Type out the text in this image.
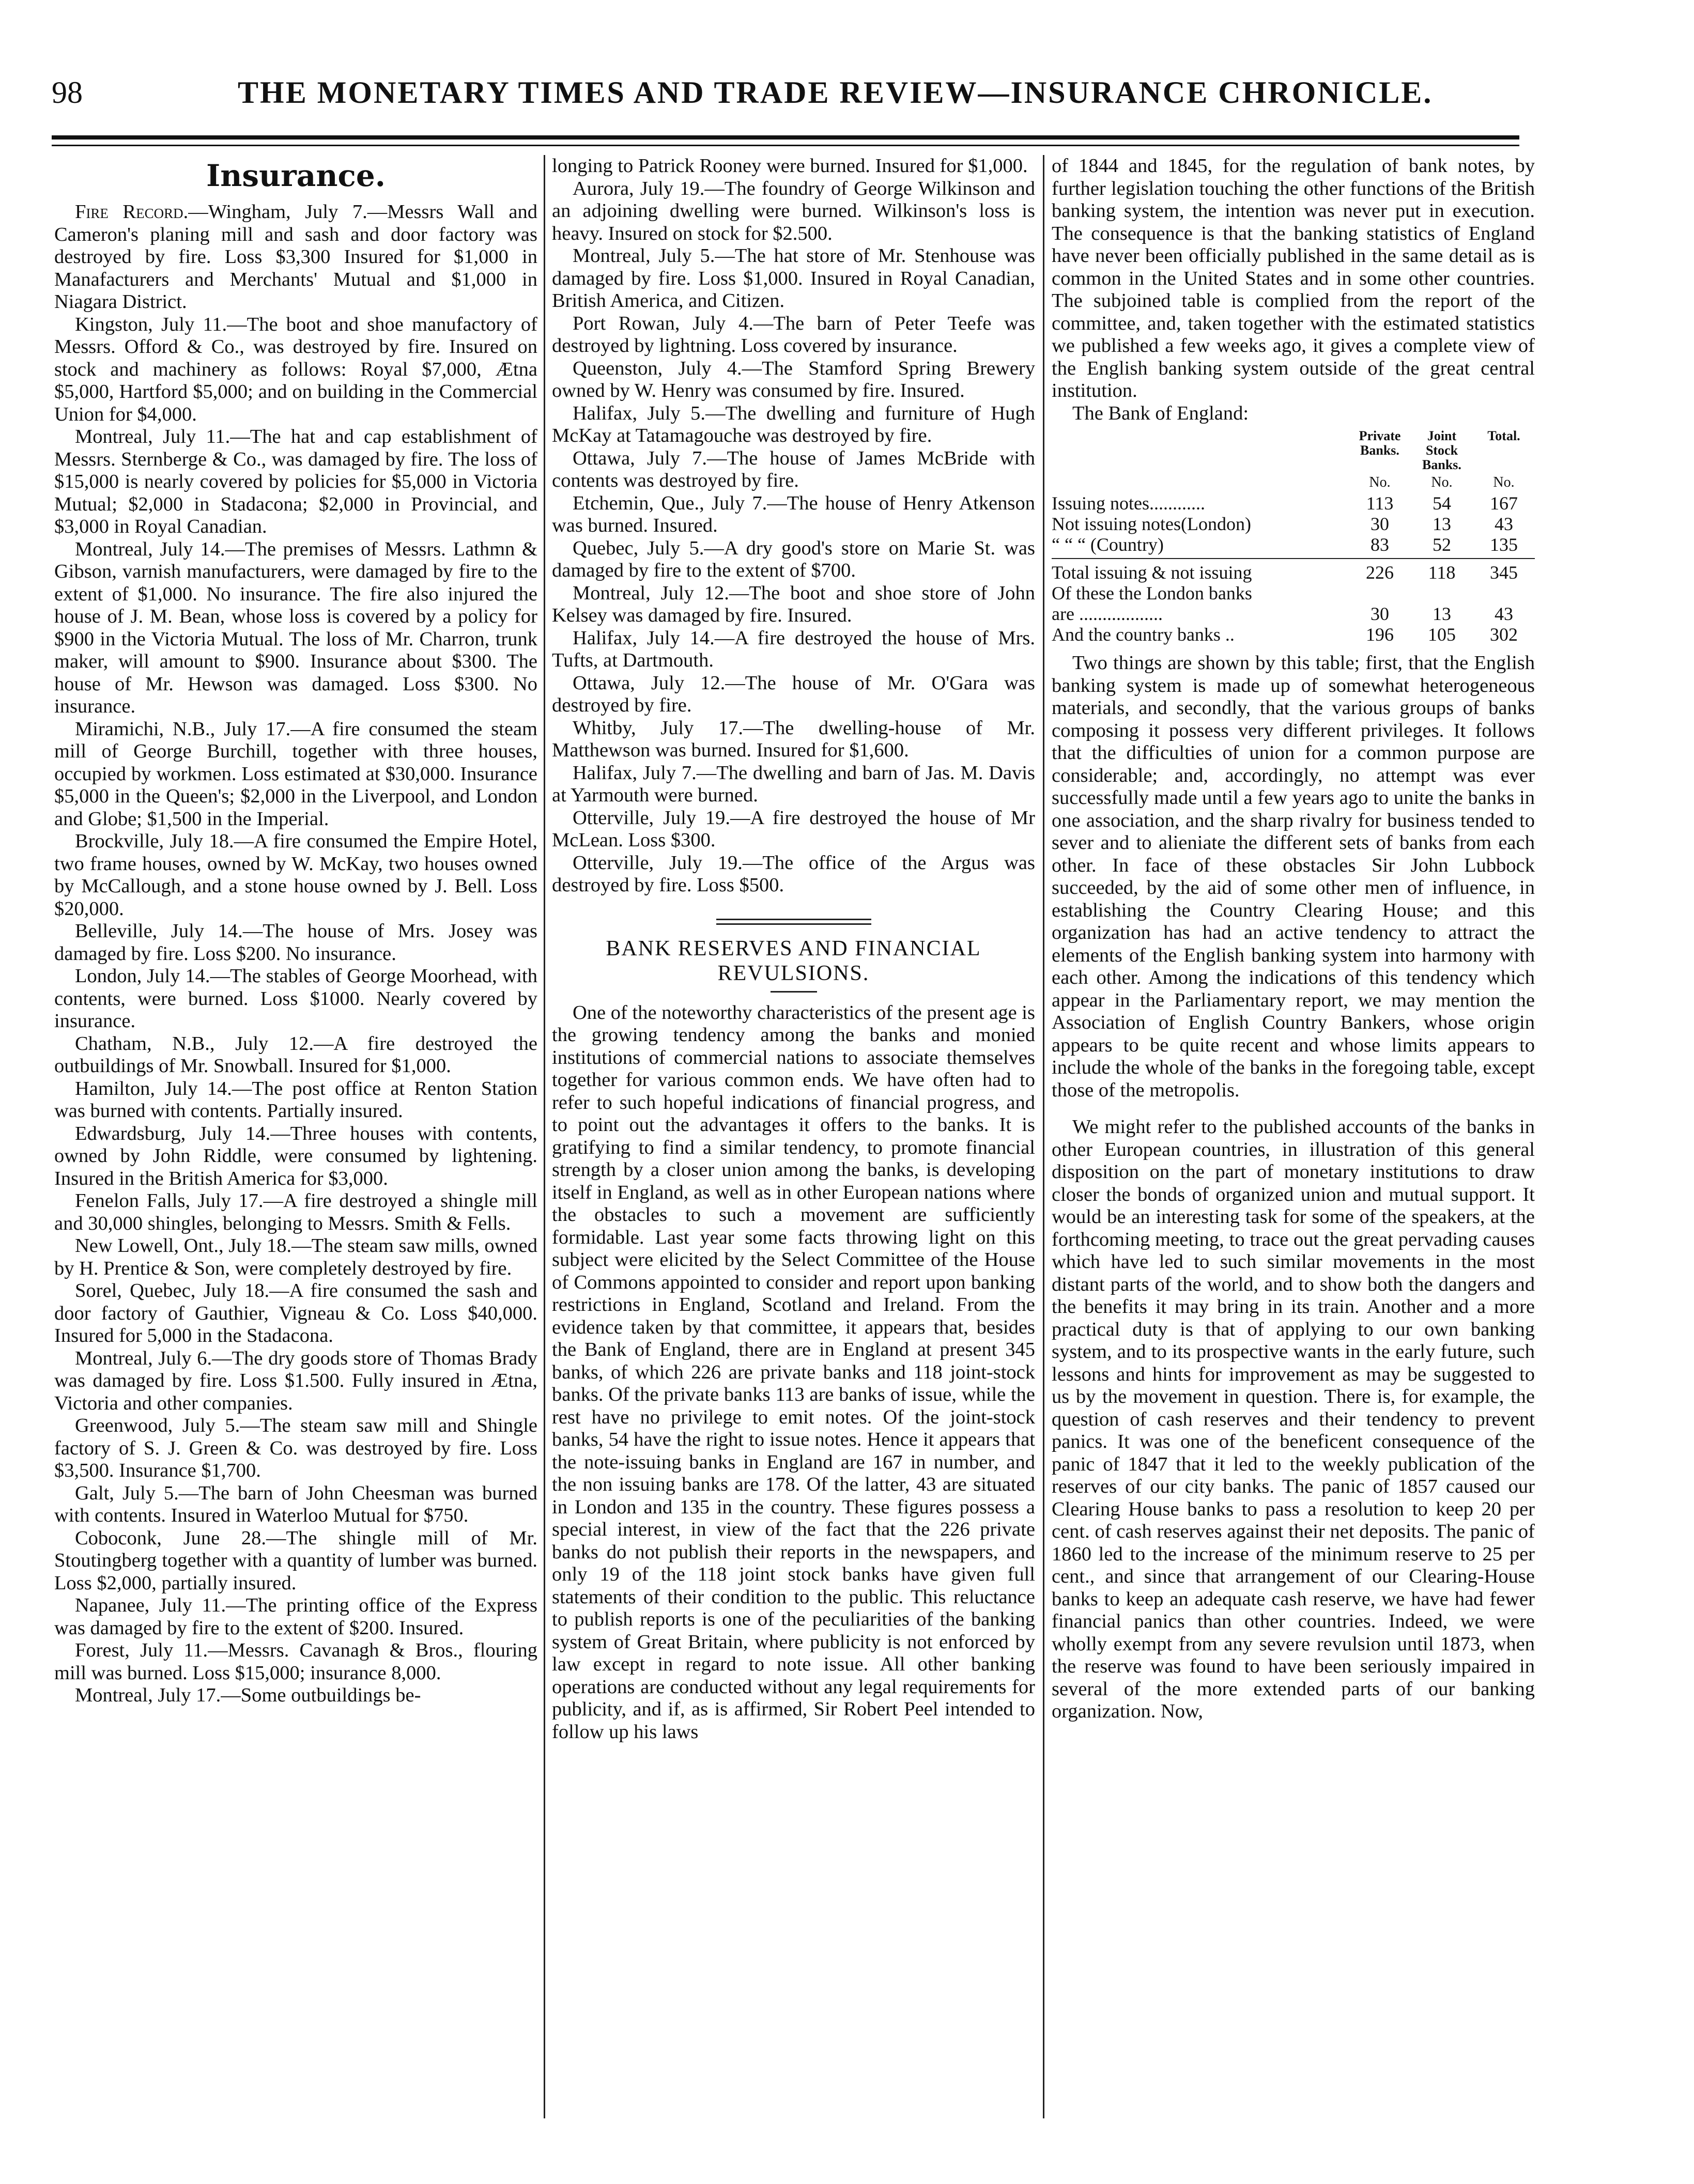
98	THE MONETARY TIMES AND TRADE REVIEW—INSURANCE CHRONICLE.
Insurance.

Fire Record.—Wingham, July 7.—Messrs Wall and Cameron's planing mill and sash and door factory was destroyed by fire. Loss $3,300 Insured for $1,000 in Manafacturers and Merchants' Mutual and $1,000 in Niagara District.

Kingston, July 11.—The boot and shoe manufactory of Messrs. Offord & Co., was destroyed by fire. Insured on stock and machinery as follows: Royal $7,000, Ætna $5,000, Hartford $5,000; and on building in the Commercial Union for $4,000.

Montreal, July 11.—The hat and cap establishment of Messrs. Sternberge & Co., was damaged by fire. The loss of $15,000 is nearly covered by policies for $5,000 in Victoria Mutual; $2,000 in Stadacona; $2,000 in Provincial, and $3,000 in Royal Canadian.

Montreal, July 14.—The premises of Messrs. Lathmn & Gibson, varnish manufacturers, were damaged by fire to the extent of $1,000. No insurance. The fire also injured the house of J. M. Bean, whose loss is covered by a policy for $900 in the Victoria Mutual. The loss of Mr. Charron, trunk maker, will amount to $900. Insurance about $300. The house of Mr. Hewson was damaged. Loss $300. No insurance.

Miramichi, N.B., July 17.—A fire consumed the steam mill of George Burchill, together with three houses, occupied by workmen. Loss estimated at $30,000. Insurance $5,000 in the Queen's; $2,000 in the Liverpool, and London and Globe; $1,500 in the Imperial.

Brockville, July 18.—A fire consumed the Empire Hotel, two frame houses, owned by W. McKay, two houses owned by McCallough, and a stone house owned by J. Bell. Loss $20,000.

Belleville, July 14.—The house of Mrs. Josey was damaged by fire. Loss $200. No insurance.

London, July 14.—The stables of George Moorhead, with contents, were burned. Loss $1000. Nearly covered by insurance.

Chatham, N.B., July 12.—A fire destroyed the outbuildings of Mr. Snowball. Insured for $1,000.

Hamilton, July 14.—The post office at Renton Station was burned with contents. Partially insured.

Edwardsburg, July 14.—Three houses with contents, owned by John Riddle, were consumed by lightening. Insured in the British America for $3,000.

Fenelon Falls, July 17.—A fire destroyed a shingle mill and 30,000 shingles, belonging to Messrs. Smith & Fells.

New Lowell, Ont., July 18.—The steam saw mills, owned by H. Prentice & Son, were completely destroyed by fire.

Sorel, Quebec, July 18.—A fire consumed the sash and door factory of Gauthier, Vigneau & Co. Loss $40,000. Insured for 5,000 in the Stadacona.

Montreal, July 6.—The dry goods store of Thomas Brady was damaged by fire. Loss $1.500. Fully insured in Ætna, Victoria and other companies.

Greenwood, July 5.—The steam saw mill and Shingle factory of S. J. Green & Co. was destroyed by fire. Loss $3,500. Insurance $1,700.

Galt, July 5.—The barn of John Cheesman was burned with contents. Insured in Waterloo Mutual for $750.

Coboconk, June 28.—The shingle mill of Mr. Stoutingberg together with a quantity of lumber was burned. Loss $2,000, partially insured.

Napanee, July 11.—The printing office of the Express was damaged by fire to the extent of $200. Insured.

Forest, July 11.—Messrs. Cavanagh & Bros., flouring mill was burned. Loss $15,000; insurance 8,000.

Montreal, July 17.—Some outbuildings be-

longing to Patrick Rooney were burned. Insured for $1,000.

Aurora, July 19.—The foundry of George Wilkinson and an adjoining dwelling were burned. Wilkinson's loss is heavy. Insured on stock for $2.500.

Montreal, July 5.—The hat store of Mr. Stenhouse was damaged by fire. Loss $1,000. Insured in Royal Canadian, British America, and Citizen.

Port Rowan, July 4.—The barn of Peter Teefe was destroyed by lightning. Loss covered by insurance.

Queenston, July 4.—The Stamford Spring Brewery owned by W. Henry was consumed by fire. Insured.

Halifax, July 5.—The dwelling and furniture of Hugh McKay at Tatamagouche was destroyed by fire.

Ottawa, July 7.—The house of James McBride with contents was destroyed by fire.

Etchemin, Que., July 7.—The house of Henry Atkenson was burned. Insured.

Quebec, July 5.—A dry good's store on Marie St. was damaged by fire to the extent of $700.

Montreal, July 12.—The boot and shoe store of John Kelsey was damaged by fire. Insured.

Halifax, July 14.—A fire destroyed the house of Mrs. Tufts, at Dartmouth.

Ottawa, July 12.—The house of Mr. O'Gara was destroyed by fire.

Whitby, July 17.—The dwelling-house of Mr. Matthewson was burned. Insured for $1,600.

Halifax, July 7.—The dwelling and barn of Jas. M. Davis at Yarmouth were burned.

Otterville, July 19.—A fire destroyed the house of Mr McLean. Loss $300.

Otterville, July 19.—The office of the Argus was destroyed by fire. Loss $500.

BANK RESERVES AND FINANCIAL REVULSIONS.

One of the noteworthy characteristics of the present age is the growing tendency among the banks and monied institutions of commercial nations to associate themselves together for various common ends. We have often had to refer to such hopeful indications of financial progress, and to point out the advantages it offers to the banks. It is gratifying to find a similar tendency, to promote financial strength by a closer union among the banks, is developing itself in England, as well as in other European nations where the obstacles to such a movement are sufficiently formidable. Last year some facts throwing light on this subject were elicited by the Select Committee of the House of Commons appointed to consider and report upon banking restrictions in England, Scotland and Ireland. From the evidence taken by that committee, it appears that, besides the Bank of England, there are in England at present 345 banks, of which 226 are private banks and 118 joint-stock banks. Of the private banks 113 are banks of issue, while the rest have no privilege to emit notes. Of the joint-stock banks, 54 have the right to issue notes. Hence it appears that the note-issuing banks in England are 167 in number, and the non issuing banks are 178. Of the latter, 43 are situated in London and 135 in the country. These figures possess a special interest, in view of the fact that the 226 private banks do not publish their reports in the newspapers, and only 19 of the 118 joint stock banks have given full statements of their condition to the public. This reluctance to publish reports is one of the peculiarities of the banking system of Great Britain, where publicity is not enforced by law except in regard to note issue. All other banking operations are conducted without any legal requirements for publicity, and if, as is affirmed, Sir Robert Peel intended to follow up his laws

of 1844 and 1845, for the regulation of bank notes, by further legislation touching the other functions of the British banking system, the intention was never put in execution. The consequence is that the banking statistics of England have never been officially published in the same detail as is common in the United States and in some other countries. The subjoined table is complied from the report of the committee, and, taken together with the estimated statistics we published a few weeks ago, it gives a complete view of the English banking system outside of the great central institution.

The Bank of England:

Private Banks.
Joint Stock Banks.
Total.
No.	No.	No.
Issuing notes............	113	54	167
Not issuing notes(London)	30	13	43
“ “ “ (Country)	83	52	135
Total issuing & not issuing	226	118	345
Of these the London banks
are ..................	30	13	43
And the country banks ..	196	105	302

Two things are shown by this table; first, that the English banking system is made up of somewhat heterogeneous materials, and secondly, that the various groups of banks composing it possess very different privileges. It follows that the difficulties of union for a common purpose are considerable; and, accordingly, no attempt was ever successfully made until a few years ago to unite the banks in one association, and the sharp rivalry for business tended to sever and to alieniate the different sets of banks from each other. In face of these obstacles Sir John Lubbock succeeded, by the aid of some other men of influence, in establishing the Country Clearing House; and this organization has had an active tendency to attract the elements of the English banking system into harmony with each other. Among the indications of this tendency which appear in the Parliamentary report, we may mention the Association of English Country Bankers, whose origin appears to be quite recent and whose limits appears to include the whole of the banks in the foregoing table, except those of the metropolis.

We might refer to the published accounts of the banks in other European countries, in illustration of this general disposition on the part of monetary institutions to draw closer the bonds of organized union and mutual support. It would be an interesting task for some of the speakers, at the forthcoming meeting, to trace out the great pervading causes which have led to such similar movements in the most distant parts of the world, and to show both the dangers and the benefits it may bring in its train. Another and a more practical duty is that of applying to our own banking system, and to its prospective wants in the early future, such lessons and hints for improvement as may be suggested to us by the movement in question. There is, for example, the question of cash reserves and their tendency to prevent panics. It was one of the beneficent consequence of the panic of 1847 that it led to the weekly publication of the reserves of our city banks. The panic of 1857 caused our Clearing House banks to pass a resolution to keep 20 per cent. of cash reserves against their net deposits. The panic of 1860 led to the increase of the minimum reserve to 25 per cent., and since that arrangement of our Clearing-House banks to keep an adequate cash reserve, we have had fewer financial panics than other countries. Indeed, we were wholly exempt from any severe revulsion until 1873, when the reserve was found to have been seriously impaired in several of the more extended parts of our banking organization. Now,
